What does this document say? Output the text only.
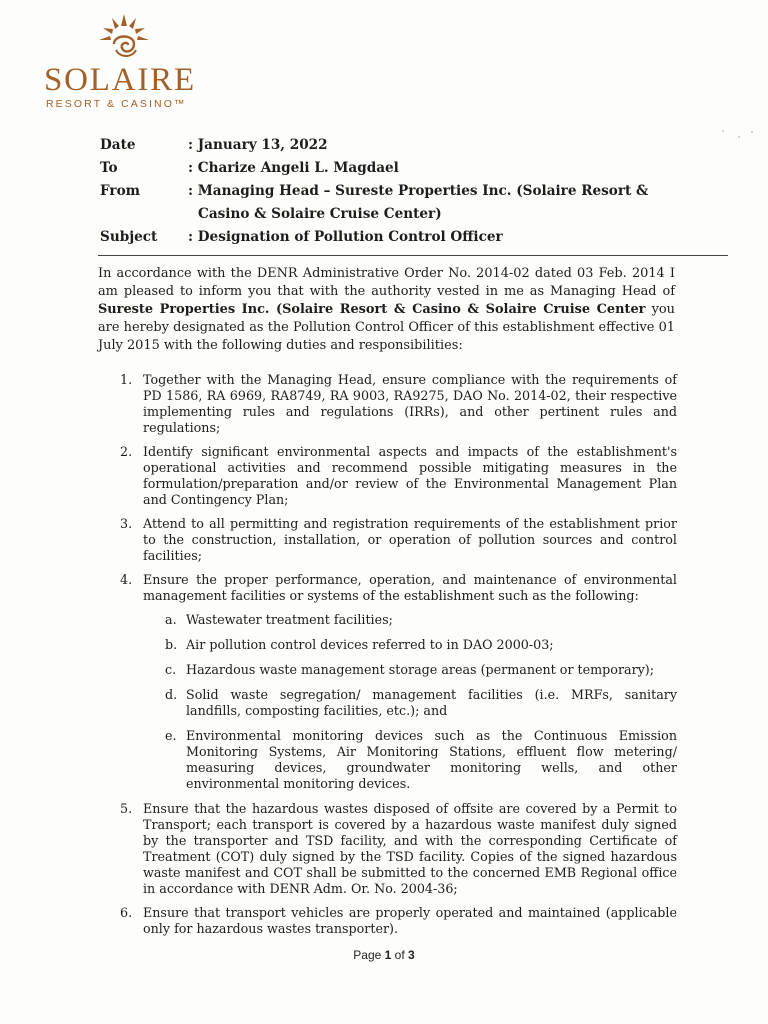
SOLAIRE
RESORT & CASINO™
Date	: January 13, 2022
To	: Charize Angeli L. Magdael
From	: Managing Head – Sureste Properties Inc. (Solaire Resort &
Casino & Solaire Cruise Center)
Subject	: Designation of Pollution Control Officer
In accordance with the DENR Administrative Order No. 2014-02 dated 03 Feb. 2014 I am pleased to inform you that with the authority vested in me as Managing Head of Sureste Properties Inc. (Solaire Resort & Casino & Solaire Cruise Center you are hereby designated as the Pollution Control Officer of this establishment effective 01 July 2015 with the following duties and responsibilities:
1. Together with the Managing Head, ensure compliance with the requirements of PD 1586, RA 6969, RA8749, RA 9003, RA9275, DAO No. 2014-02, their respective implementing rules and regulations (IRRs), and other pertinent rules and regulations;
2. Identify significant environmental aspects and impacts of the establishment's operational activities and recommend possible mitigating measures in the formulation/preparation and/or review of the Environmental Management Plan and Contingency Plan;
3. Attend to all permitting and registration requirements of the establishment prior to the construction, installation, or operation of pollution sources and control facilities;
4. Ensure the proper performance, operation, and maintenance of environmental management facilities or systems of the establishment such as the following:
a. Wastewater treatment facilities;
b. Air pollution control devices referred to in DAO 2000-03;
c. Hazardous waste management storage areas (permanent or temporary);
d. Solid waste segregation/ management facilities (i.e. MRFs, sanitary landfills, composting facilities, etc.); and
e. Environmental monitoring devices such as the Continuous Emission Monitoring Systems, Air Monitoring Stations, effluent flow metering/ measuring devices, groundwater monitoring wells, and other environmental monitoring devices.
5. Ensure that the hazardous wastes disposed of offsite are covered by a Permit to Transport; each transport is covered by a hazardous waste manifest duly signed by the transporter and TSD facility, and with the corresponding Certificate of Treatment (COT) duly signed by the TSD facility. Copies of the signed hazardous waste manifest and COT shall be submitted to the concerned EMB Regional office in accordance with DENR Adm. Or. No. 2004-36;
6. Ensure that transport vehicles are properly operated and maintained (applicable only for hazardous wastes transporter).
Page 1 of 3
